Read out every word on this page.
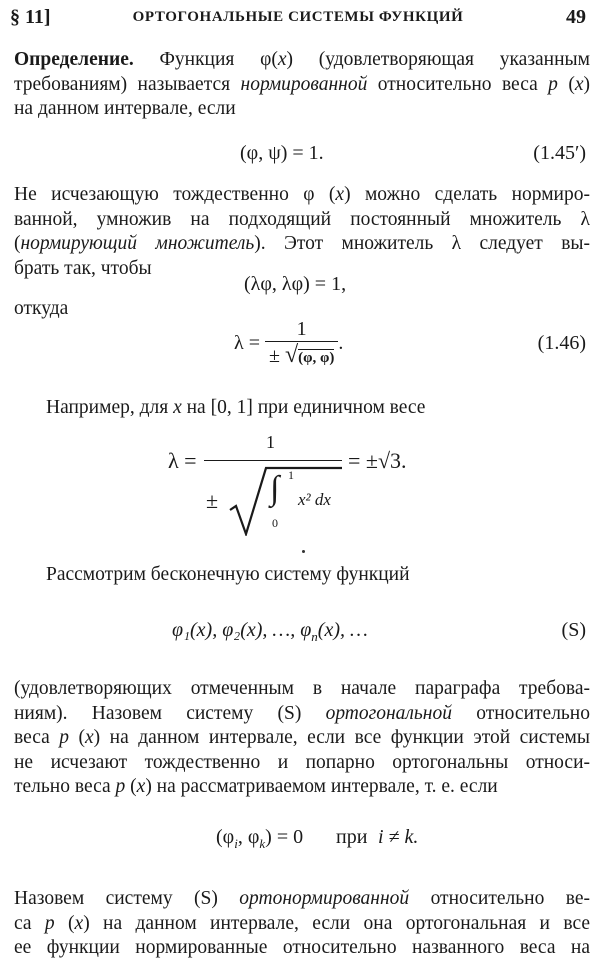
§ 11]	ОРТОГОНАЛЬНЫЕ СИСТЕМЫ ФУНКЦИЙ	49
Определение. Функция φ(x) (удовлетворяющая указанным
требованиям) называется нормированной относительно веса p (x)
на данном интервале, если
(φ, ψ) = 1.	(1.45′)
Не исчезающую тождественно φ (x) можно сделать нормиро-
ванной, умножив на подходящий постоянный множитель λ
(нормирующий множитель). Этот множитель λ следует вы-
брать так, чтобы
(λφ, λφ) = 1,
откуда
$\lambda = \frac{1}{\pm √(\varphi, \varphi)}$ .	(1.46)
Например, для x на [0, 1] при единичном весе
λ =
1
± ∫ 1
0
x² dx
= ±√3.
Рассмотрим бесконечную систему функций
φ₁(x), φ₂(x), …, $\varphi_n(x)$, …	(S)
(удовлетворяющих отмеченным в начале параграфа требова-
ниям). Назовем систему (S) ортогональной относительно
веса p (x) на данном интервале, если все функции этой системы
не исчезают тождественно и попарно ортогональны относи-
тельно веса p (x) на рассматриваемом интервале, т. е. если
($\varphi_i$, $\varphi_k) = 0$ при i ≠ k.
Назовем систему (S) ортонормированной относительно ве-
са p (x) на данном интервале, если она ортогональная и все
ее функции нормированные относительно названного веса на
